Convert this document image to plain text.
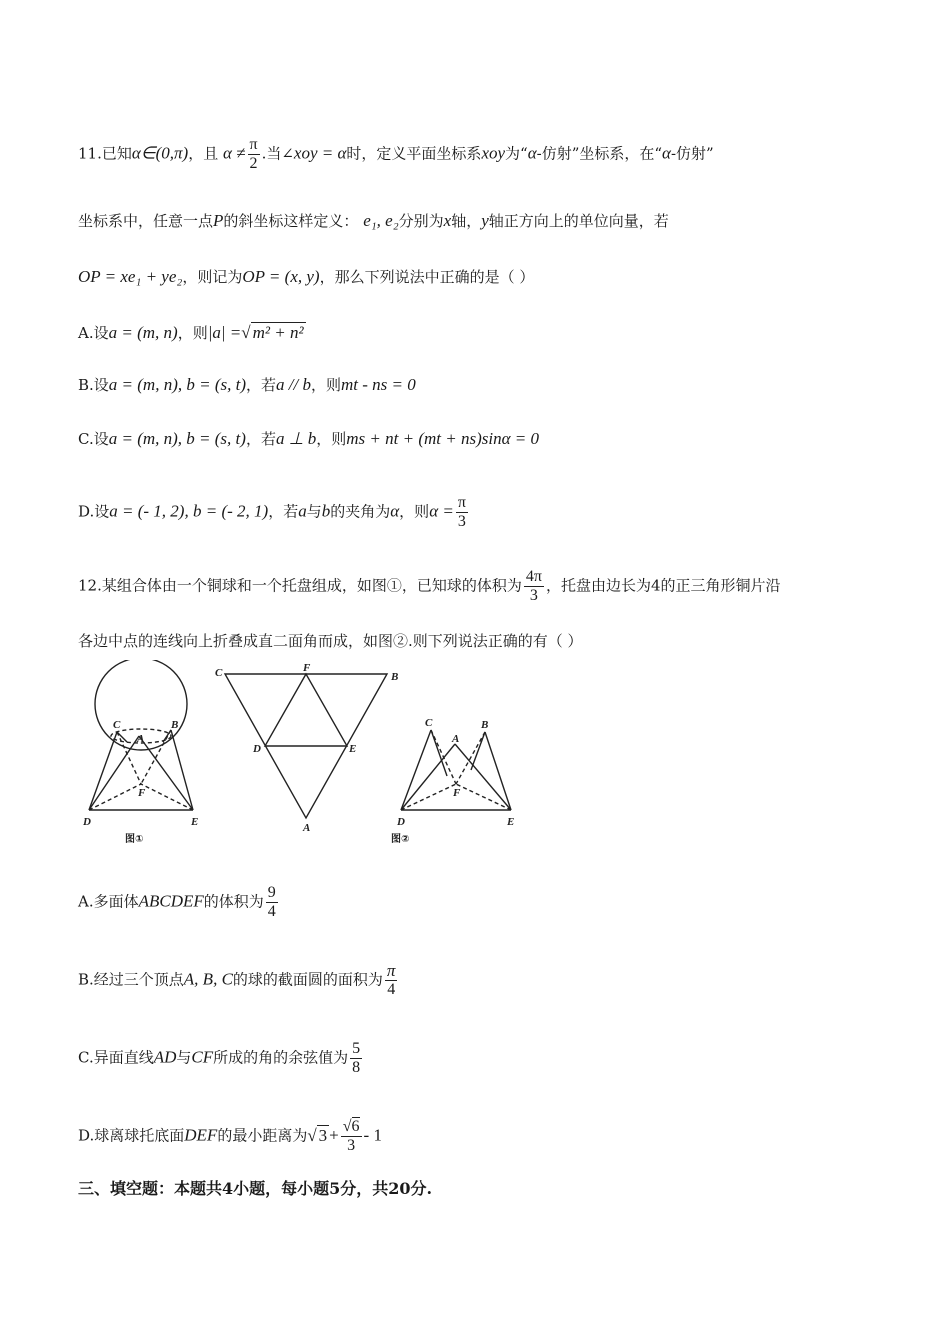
11.已知α∈(0,π)，且 $\alpha \ne \frac{\pi}{2}$ .当∠xoy = α时，定义平面坐标系xoy为“α-仿射”坐标系，在“α-仿射”
坐标系中，任意一点P的斜坐标这样定义： e₁, e₂分别为x轴，y轴正方向上的单位向量，若
OP = xe₁ + ye₂，则记为OP = (x, y)，那么下列说法中正确的是（ ）
A.设a = (m, n)，则|a| =√ m² + n²
B.设a = (m, n), b = (s, t)，若a // b，则mt - ns = 0
C.设a = (m, n), b = (s, t)，若a ⊥ b，则ms + nt + (mt + ns)sinα = 0
D.设a = (- 1, 2), b = (- 2, 1)，若a与b的夹角为α，则$\alpha = \frac{\pi}{3}$
12.某组合体由一个铜球和一个托盘组成，如图①，已知球的体积为 $\frac{4\pi}{3}$ ，托盘由边长为4的正三角形铜片沿
各边中点的连线向上折叠成直二面角而成，如图②.则下列说法正确的有（ ）
C
A
B
F
D	E
C	F
B
D	E
A
C
A
B
F
D	E
图①	图②
A.多面体ABCDEF的体积为 $\frac{9}{4}$
B.经过三个顶点A, B, C的球的截面圆的面积为 $\frac{\pi}{4}$
C.异面直线AD与CF所成的角的余弦值为 $\frac{5}{8}$
D.球离球托底面DEF的最小距离为√ $3 + \frac{√6}{3} - 1$
三、填空题：本题共4小题，每小题5分，共20分.
